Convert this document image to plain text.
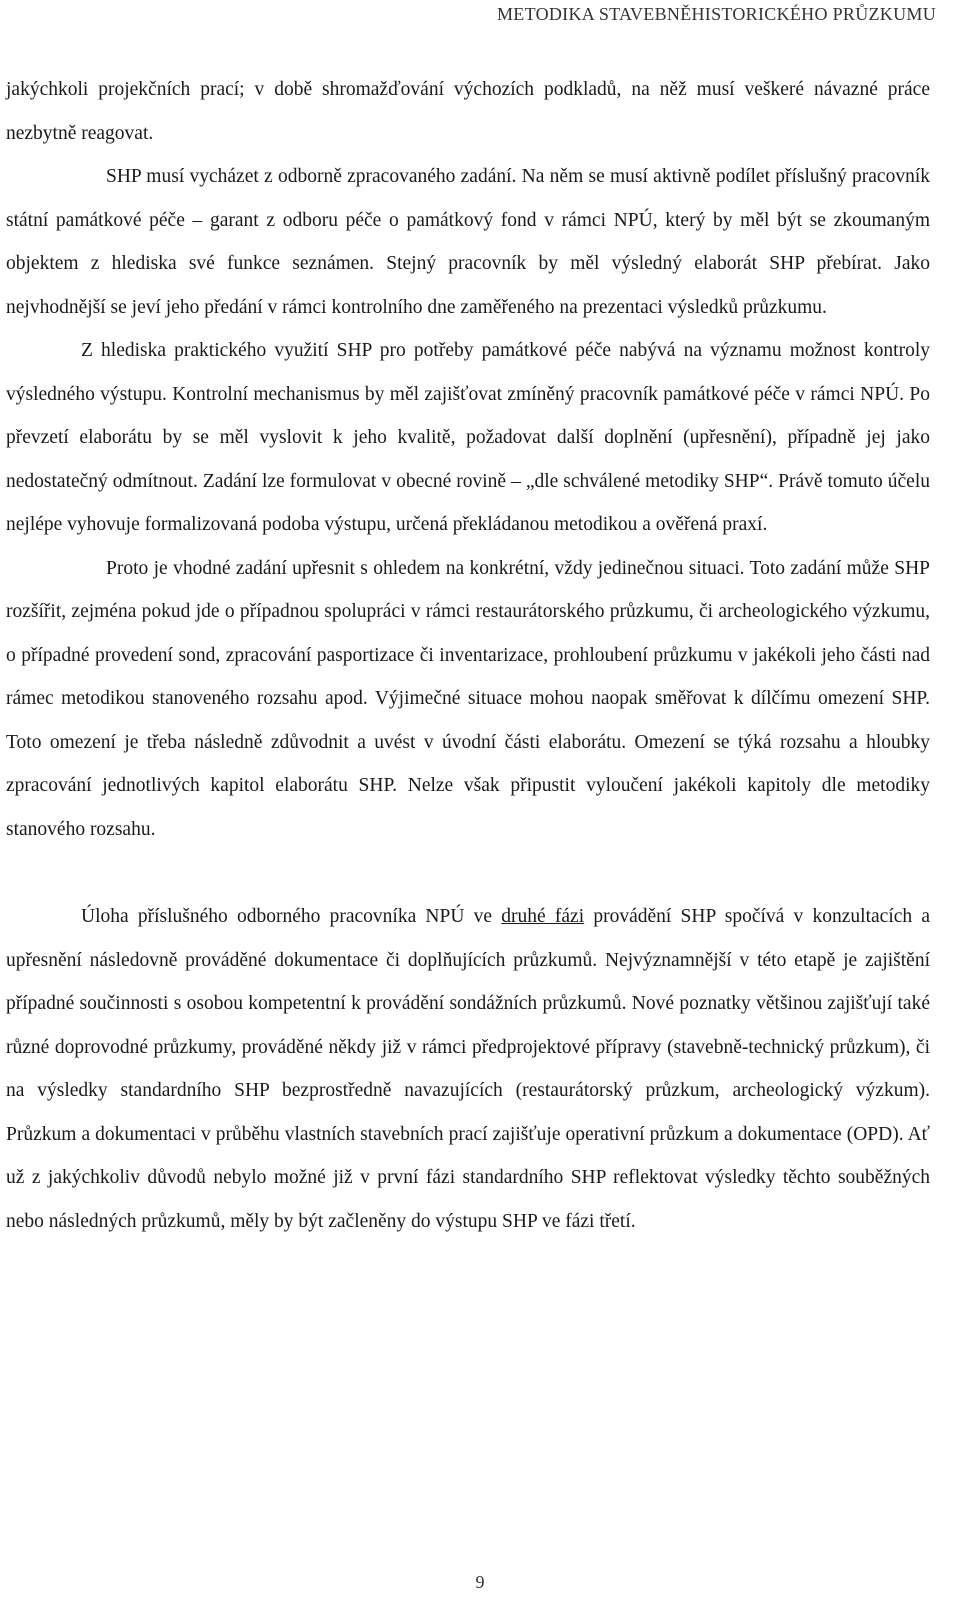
METODIKA STAVEBNĚHISTORICKÉHO PRŮZKUMU

jakýchkoli projekčních prací; v době shromažďování výchozích podkladů, na něž musí veškeré návazné práce nezbytně reagovat.

SHP musí vycházet z odborně zpracovaného zadání. Na něm se musí aktivně podílet příslušný pracovník státní památkové péče – garant z odboru péče o památkový fond v rámci NPÚ, který by měl být se zkoumaným objektem z hlediska své funkce seznámen. Stejný pracovník by měl výsledný elaborát SHP přebírat. Jako nejvhodnější se jeví jeho předání v rámci kontrolního dne zaměřeného na prezentaci výsledků průzkumu.

Z hlediska praktického využití SHP pro potřeby památkové péče nabývá na významu možnost kontroly výsledného výstupu. Kontrolní mechanismus by měl zajišťovat zmíněný pracovník památkové péče v rámci NPÚ. Po převzetí elaborátu by se měl vyslovit k jeho kvalitě, požadovat další doplnění (upřesnění), případně jej jako nedostatečný odmítnout. Zadání lze formulovat v obecné rovině – „dle schválené metodiky SHP“. Právě tomuto účelu nejlépe vyhovuje formalizovaná podoba výstupu, určená překládanou metodikou a ověřená praxí.

Proto je vhodné zadání upřesnit s ohledem na konkrétní, vždy jedinečnou situaci. Toto zadání může SHP rozšířit, zejména pokud jde o případnou spolupráci v rámci restaurátorského průzkumu, či archeologického výzkumu, o případné provedení sond, zpracování pasportizace či inventarizace, prohloubení průzkumu v jakékoli jeho části nad rámec metodikou stanoveného rozsahu apod. Výjimečné situace mohou naopak směřovat k dílčímu omezení SHP. Toto omezení je třeba následně zdůvodnit a uvést v úvodní části elaborátu. Omezení se týká rozsahu a hloubky zpracování jednotlivých kapitol elaborátu SHP. Nelze však připustit vyloučení jakékoli kapitoly dle metodiky stanového rozsahu.

Úloha příslušného odborného pracovníka NPÚ ve druhé fázi provádění SHP spočívá v konzultacích a upřesnění následovně prováděné dokumentace či doplňujících průzkumů. Nejvýznamnější v této etapě je zajištění případné součinnosti s osobou kompetentní k provádění sondážních průzkumů. Nové poznatky většinou zajišťují také různé doprovodné průzkumy, prováděné někdy již v rámci předprojektové přípravy (stavebně-technický průzkum), či na výsledky standardního SHP bezprostředně navazujících (restaurátorský průzkum, archeologický výzkum). Průzkum a dokumentaci v průběhu vlastních stavebních prací zajišťuje operativní průzkum a dokumentace (OPD). Ať už z jakýchkoliv důvodů nebylo možné již v první fázi standardního SHP reflektovat výsledky těchto souběžných nebo následných průzkumů, měly by být začleněny do výstupu SHP ve fázi třetí.

9
